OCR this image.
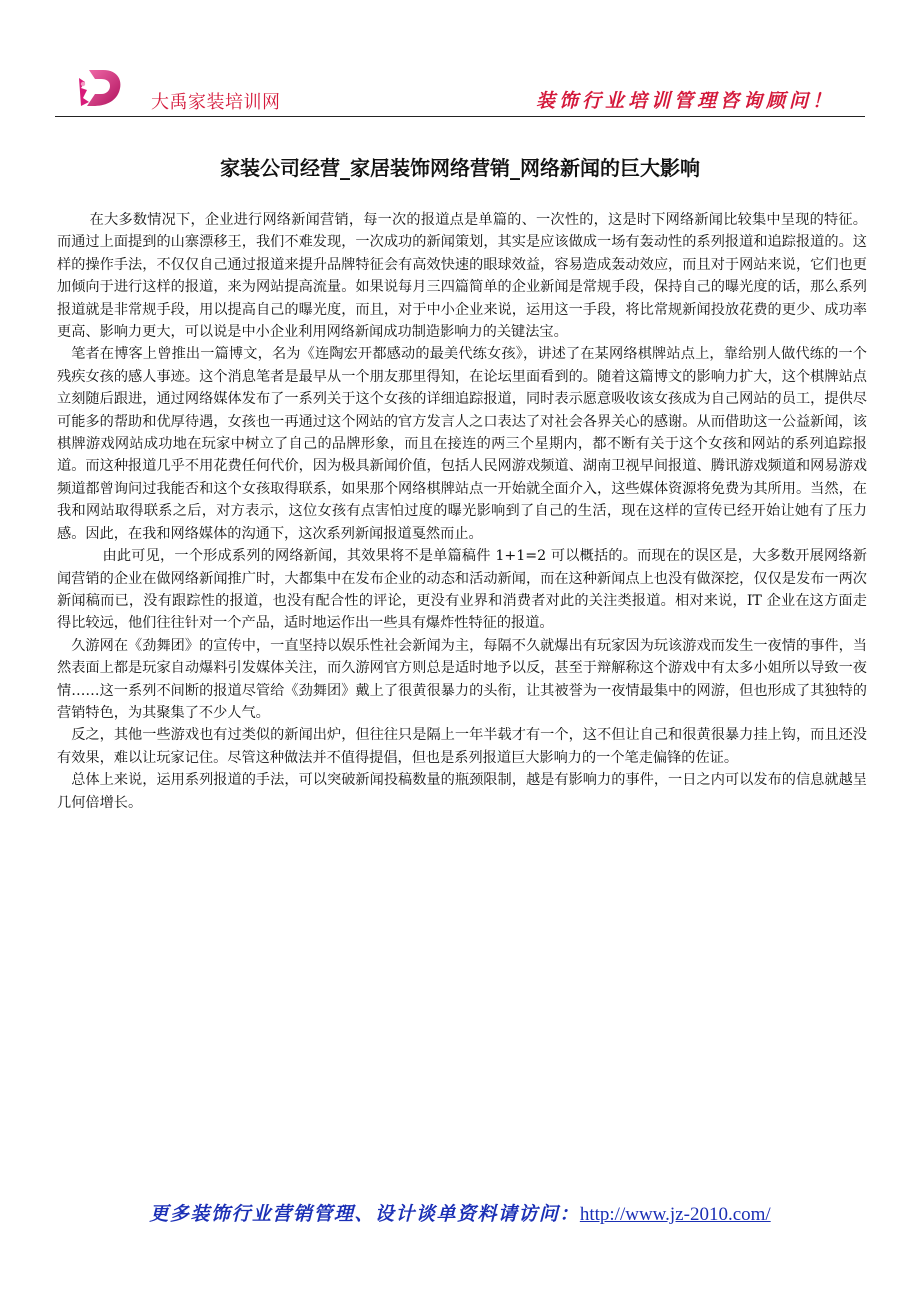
大禹家装培训网	装饰行业培训管理咨询顾问！
家装公司经营_家居装饰网络营销_网络新闻的巨大影响

在大多数情况下，企业进行网络新闻营销，每一次的报道点是单篇的、一次性的，这是时下网络新闻比较集中呈现的特征。而通过上面提到的山寨漂移王，我们不难发现，一次成功的新闻策划，其实是应该做成一场有轰动性的系列报道和追踪报道的。这样的操作手法，不仅仅自己通过报道来提升品牌特征会有高效快速的眼球效益，容易造成轰动效应，而且对于网站来说，它们也更加倾向于进行这样的报道，来为网站提高流量。如果说每月三四篇简单的企业新闻是常规手段，保持自己的曝光度的话，那么系列报道就是非常规手段，用以提高自己的曝光度，而且，对于中小企业来说，运用这一手段，将比常规新闻投放花费的更少、成功率更高、影响力更大，可以说是中小企业利用网络新闻成功制造影响力的关键法宝。

笔者在博客上曾推出一篇博文，名为《连陶宏开都感动的最美代练女孩》，讲述了在某网络棋牌站点上，靠给别人做代练的一个残疾女孩的感人事迹。这个消息笔者是最早从一个朋友那里得知，在论坛里面看到的。随着这篇博文的影响力扩大，这个棋牌站点立刻随后跟进，通过网络媒体发布了一系列关于这个女孩的详细追踪报道，同时表示愿意吸收该女孩成为自己网站的员工，提供尽可能多的帮助和优厚待遇，女孩也一再通过这个网站的官方发言人之口表达了对社会各界关心的感谢。从而借助这一公益新闻，该棋牌游戏网站成功地在玩家中树立了自己的品牌形象，而且在接连的两三个星期内，都不断有关于这个女孩和网站的系列追踪报道。而这种报道几乎不用花费任何代价，因为极具新闻价值，包括人民网游戏频道、湖南卫视早间报道、腾讯游戏频道和网易游戏频道都曾询问过我能否和这个女孩取得联系，如果那个网络棋牌站点一开始就全面介入，这些媒体资源将免费为其所用。当然，在我和网站取得联系之后，对方表示，这位女孩有点害怕过度的曝光影响到了自己的生活，现在这样的宣传已经开始让她有了压力感。因此，在我和网络媒体的沟通下，这次系列新闻报道戛然而止。

由此可见，一个形成系列的网络新闻，其效果将不是单篇稿件 1+1=2 可以概括的。而现在的误区是，大多数开展网络新闻营销的企业在做网络新闻推广时，大都集中在发布企业的动态和活动新闻，而在这种新闻点上也没有做深挖，仅仅是发布一两次新闻稿而已，没有跟踪性的报道，也没有配合性的评论，更没有业界和消费者对此的关注类报道。相对来说，IT 企业在这方面走得比较远，他们往往针对一个产品，适时地运作出一些具有爆炸性特征的报道。

久游网在《劲舞团》的宣传中，一直坚持以娱乐性社会新闻为主，每隔不久就爆出有玩家因为玩该游戏而发生一夜情的事件，当然表面上都是玩家自动爆料引发媒体关注，而久游网官方则总是适时地予以反，甚至于辩解称这个游戏中有太多小姐所以导致一夜情……这一系列不间断的报道尽管给《劲舞团》戴上了很黄很暴力的头衔，让其被誉为一夜情最集中的网游，但也形成了其独特的营销特色，为其聚集了不少人气。

反之，其他一些游戏也有过类似的新闻出炉，但往往只是隔上一年半载才有一个，这不但让自己和很黄很暴力挂上钩，而且还没有效果，难以让玩家记住。尽管这种做法并不值得提倡，但也是系列报道巨大影响力的一个笔走偏锋的佐证。

总体上来说，运用系列报道的手法，可以突破新闻投稿数量的瓶颈限制，越是有影响力的事件，一日之内可以发布的信息就越呈几何倍增长。

更多装饰行业营销管理、设计谈单资料请访问：http://www.jz-2010.com/
